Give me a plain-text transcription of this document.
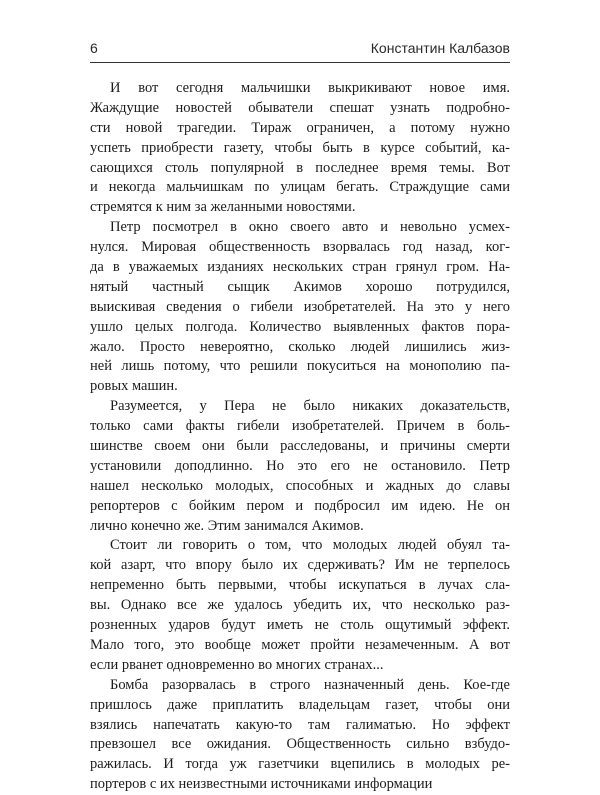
6	Константин Калбазов
И вот сегодня мальчишки выкрикивают новое имя.
Жаждущие новостей обыватели спешат узнать подробно-
сти новой трагедии. Тираж ограничен, а потому нужно
успеть приобрести газету, чтобы быть в курсе событий, ка-
сающихся столь популярной в последнее время темы. Вот
и некогда мальчишкам по улицам бегать. Страждущие сами
стремятся к ним за желанными новостями.
Петр посмотрел в окно своего авто и невольно усмех-
нулся. Мировая общественность взорвалась год назад, ког-
да в уважаемых изданиях нескольких стран грянул гром. На-
нятый частный сыщик Акимов хорошо потрудился,
выискивая сведения о гибели изобретателей. На это у него
ушло целых полгода. Количество выявленных фактов пора-
жало. Просто невероятно, сколько людей лишились жиз-
ней лишь потому, что решили покуситься на монополию па-
ровых машин.
Разумеется, у Пера не было никаких доказательств,
только сами факты гибели изобретателей. Причем в боль-
шинстве своем они были расследованы, и причины смерти
установили доподлинно. Но это его не остановило. Петр
нашел несколько молодых, способных и жадных до славы
репортеров с бойким пером и подбросил им идею. Не он
лично конечно же. Этим занимался Акимов.
Стоит ли говорить о том, что молодых людей обуял та-
кой азарт, что впору было их сдерживать? Им не терпелось
непременно быть первыми, чтобы искупаться в лучах сла-
вы. Однако все же удалось убедить их, что несколько раз-
розненных ударов будут иметь не столь ощутимый эффект.
Мало того, это вообще может пройти незамеченным. А вот
если рванет одновременно во многих странах...
Бомба разорвалась в строго назначенный день. Кое-где
пришлось даже приплатить владельцам газет, чтобы они
взялись напечатать какую-то там галиматью. Но эффект
превзошел все ожидания. Общественность сильно взбудо-
ражилась. И тогда уж газетчики вцепились в молодых ре-
портеров с их неизвестными источниками информации
